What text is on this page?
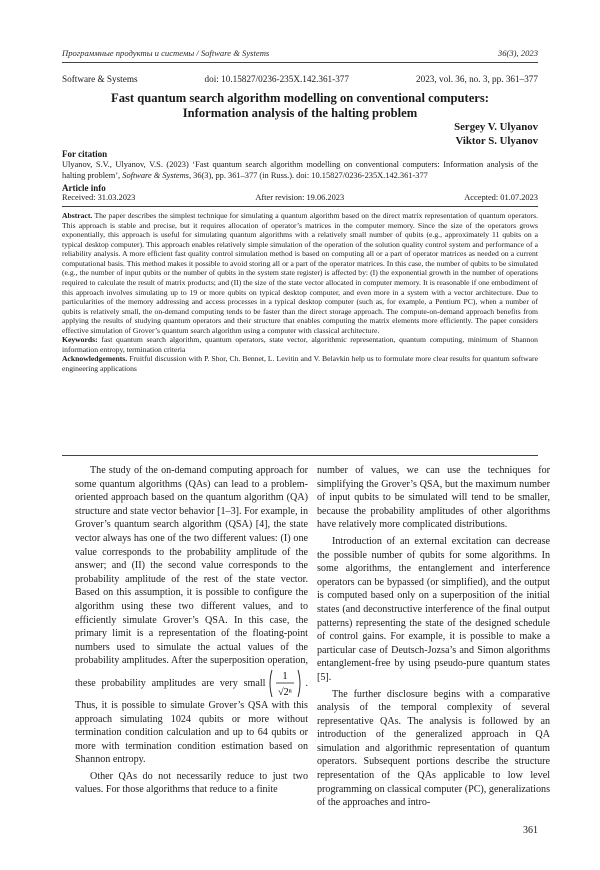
Программные продукты и системы / Software & Systems	36(3), 2023
Software & Systems	doi: 10.15827/0236-235X.142.361-377	2023, vol. 36, no. 3, pp. 361–377
Fast quantum search algorithm modelling on conventional computers:
Information analysis of the halting problem
Sergey V. Ulyanov
Viktor S. Ulyanov
For citation
Ulyanov, S.V., Ulyanov, V.S. (2023) ‘Fast quantum search algorithm modelling on conventional computers: Information analysis of the halting problem’, Software & Systems, 36(3), pp. 361–377 (in Russ.). doi: 10.15827/0236-235X.142.361-377
Article info
Received: 31.03.2023	After revision: 19.06.2023	Accepted: 01.07.2023
Abstract. The paper describes the simplest technique for simulating a quantum algorithm based on the direct matrix representation of quantum operators. This approach is stable and precise, but it requires allocation of operator’s matrices in the computer memory. Since the size of the operators grows exponentially, this approach is useful for simulating quantum algorithms with a relatively small number of qubits (e.g., approximately 11 qubits on a typical desktop computer). This approach enables relatively simple simulation of the operation of the solution quality control system and performance of a reliability analysis. A more efficient fast quality control simulation method is based on computing all or a part of operator matrices as needed on a current computational basis. This method makes it possible to avoid storing all or a part of the operator matrices. In this case, the number of qubits to be simulated (e.g., the number of input qubits or the number of qubits in the system state register) is affected by: (I) the exponential growth in the number of operations required to calculate the result of matrix products; and (II) the size of the state vector allocated in computer memory. It is reasonable if one embodiment of this approach involves simulating up to 19 or more qubits on typical desktop computer, and even more in a system with a vector architecture. Due to particularities of the memory addressing and access processes in a typical desktop computer (such as, for example, a Pentium PC), when a number of qubits is relatively small, the on-demand computing tends to be faster than the direct storage approach. The compute-on-demand approach benefits from applying the results of studying quantum operators and their structure that enables computing the matrix elements more efficiently. The paper considers effective simulation of Grover’s quantum search algorithm using a computer with classical architecture.
Keywords: fast quantum search algorithm, quantum operators, state vector, algorithmic representation, quantum computing, minimum of Shannon information entropy, termination criteria
Acknowledgements. Fruitful discussion with P. Shor, Ch. Bennet, L. Levitin and V. Belavkin help us to formulate more clear results for quantum software engineering applications

The study of the on-demand computing approach for some quantum algorithms (QAs) can lead to a problem-oriented approach based on the quantum algorithm (QA) structure and state vector behavior [1–3]. For example, in Grover’s quantum search algorithm (QSA) [4], the state vector always has one of the two different values: (I) one value corresponds to the probability amplitude of the answer; and (II) the second value corresponds to the probability amplitude of the rest of the state vector. Based on this assumption, it is possible to configure the algorithm using these two different values, and to efficiently simulate Grover’s QSA. In this case, the primary limit is a representation of the floating-point numbers used to simulate the actual values of the probability amplitudes. After the superposition operation, these probability amplitudes are very small
1
√2ⁿ
. Thus, it is possible to simulate Grover’s QSA with this approach simulating 1024 qubits or more without termination condition calculation and up to 64 qubits or more with termination condition estimation based on Shannon entropy.

Other QAs do not necessarily reduce to just two values. For those algorithms that reduce to a finite

number of values, we can use the techniques for simplifying the Grover’s QSA, but the maximum number of input qubits to be simulated will tend to be smaller, because the probability amplitudes of other algorithms have relatively more complicated distributions.

Introduction of an external excitation can decrease the possible number of qubits for some algorithms. In some algorithms, the entanglement and interference operators can be bypassed (or simplified), and the output is computed based only on a superposition of the initial states (and deconstructive interference of the final output patterns) representing the state of the designed schedule of control gains. For example, it is possible to make a particular case of Deutsch-Jozsa’s and Simon algorithms entanglement-free by using pseudo-pure quantum states [5].

The further disclosure begins with a comparative analysis of the temporal complexity of several representative QAs. The analysis is followed by an introduction of the generalized approach in QA simulation and algorithmic representation of quantum operators. Subsequent portions describe the structure representation of the QAs applicable to low level programming on classical computer (PC), generalizations of the approaches and intro-

361
